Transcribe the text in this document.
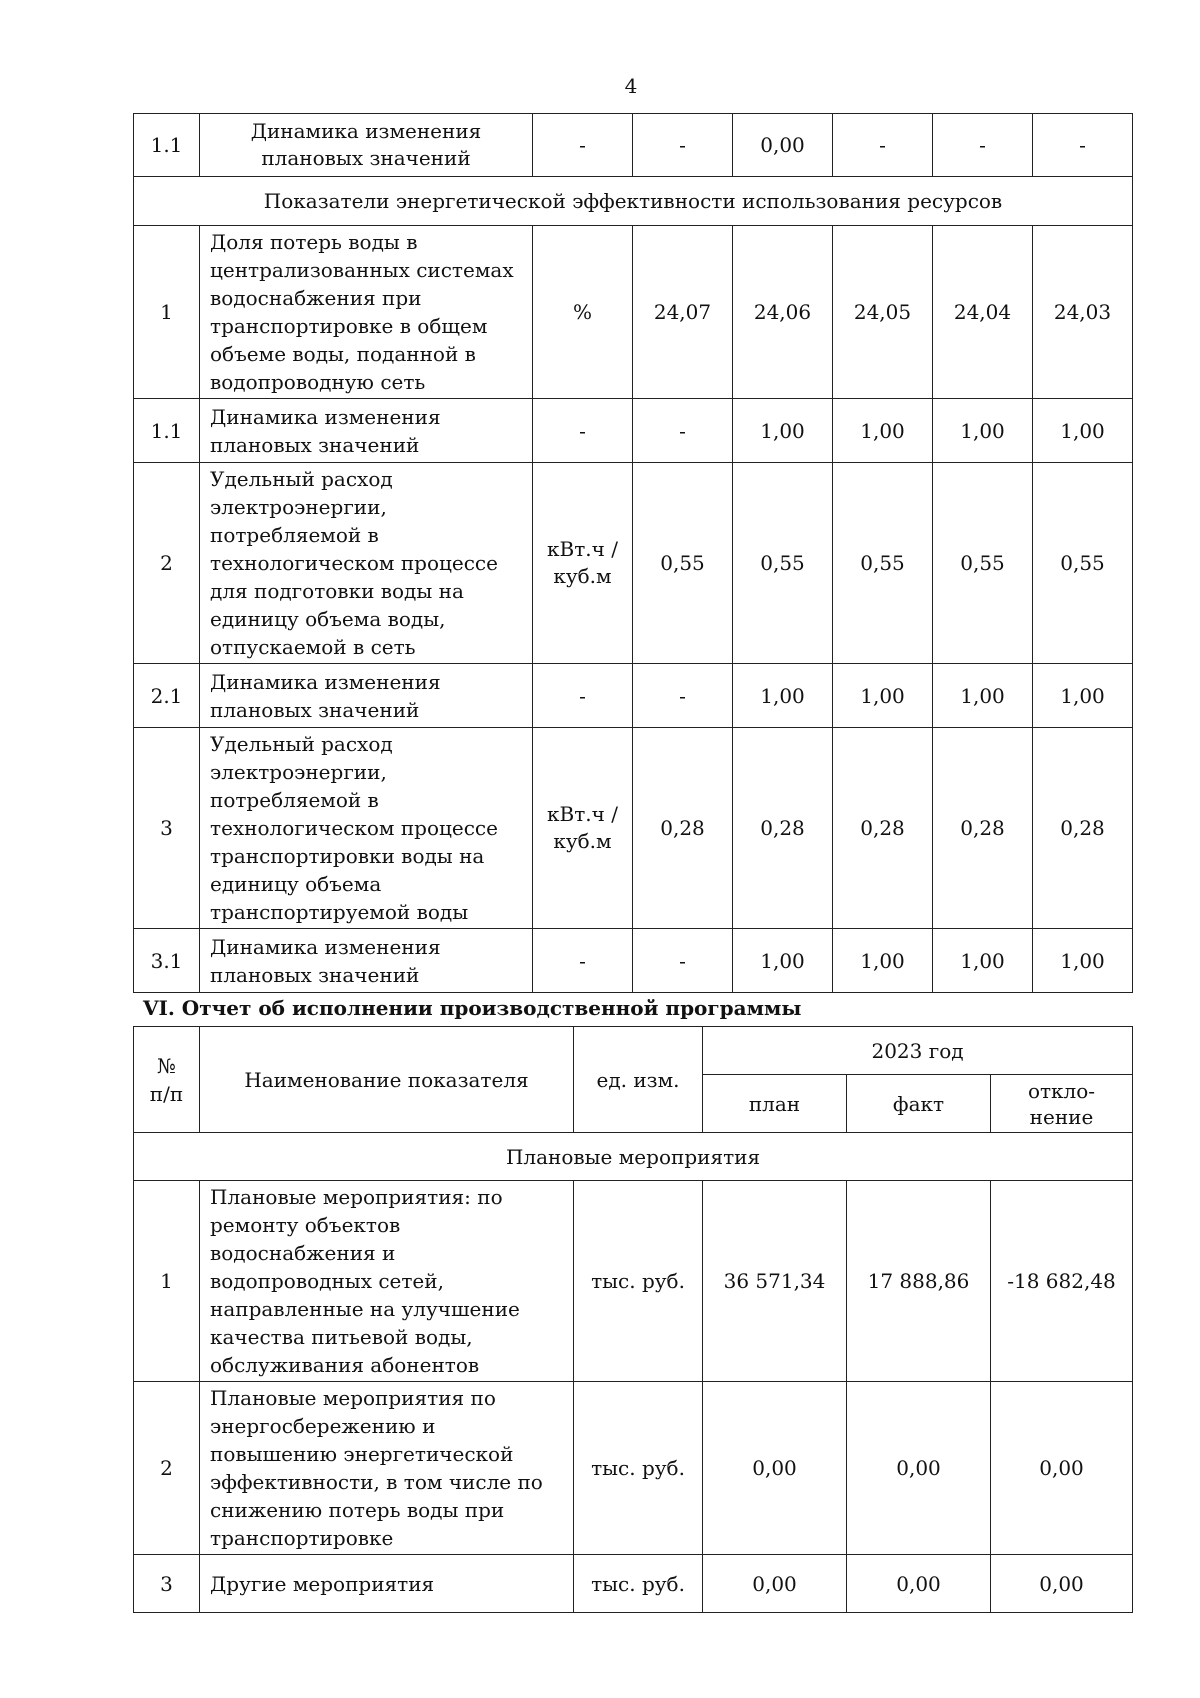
4
1.1	Динамика изменения плановых значений	-	-	0,00	-	-	-
Показатели энергетической эффективности использования ресурсов							
1	Доля потерь воды в централизованных системах водоснабжения при транспортировке в общем объеме воды, поданной в водопроводную сеть	%	24,07	24,06	24,05	24,04	24,03
1.1	Динамика изменения плановых значений	-	-	1,00	1,00	1,00	1,00
2	Удельный расход электроэнергии, потребляемой в технологическом процессе для подготовки воды на единицу объема воды, отпускаемой в сеть	кВт.ч / куб.м	0,55	0,55	0,55	0,55	0,55
2.1	Динамика изменения плановых значений	-	-	1,00	1,00	1,00	1,00
3	Удельный расход электроэнергии, потребляемой в технологическом процессе транспортировки воды на единицу объема транспортируемой воды	кВт.ч / куб.м	0,28	0,28	0,28	0,28	0,28
3.1	Динамика изменения плановых значений	-	-	1,00	1,00	1,00	1,00
VI. Отчет об исполнении производственной программы
№ п/п	Наименование показателя	ед. изм.	2023 год		
			план	факт	откло-
нение
Плановые мероприятия					
1	Плановые мероприятия: по ремонту объектов водоснабжения и водопроводных сетей, направленные на улучшение качества питьевой воды, обслуживания абонентов	тыс. руб.	36 571,34	17 888,86	-18 682,48
2	Плановые мероприятия по энергосбережению и повышению энергетической эффективности, в том числе по снижению потерь воды при транспортировке	тыс. руб.	0,00	0,00	0,00
3	Другие мероприятия	тыс. руб.	0,00	0,00	0,00
